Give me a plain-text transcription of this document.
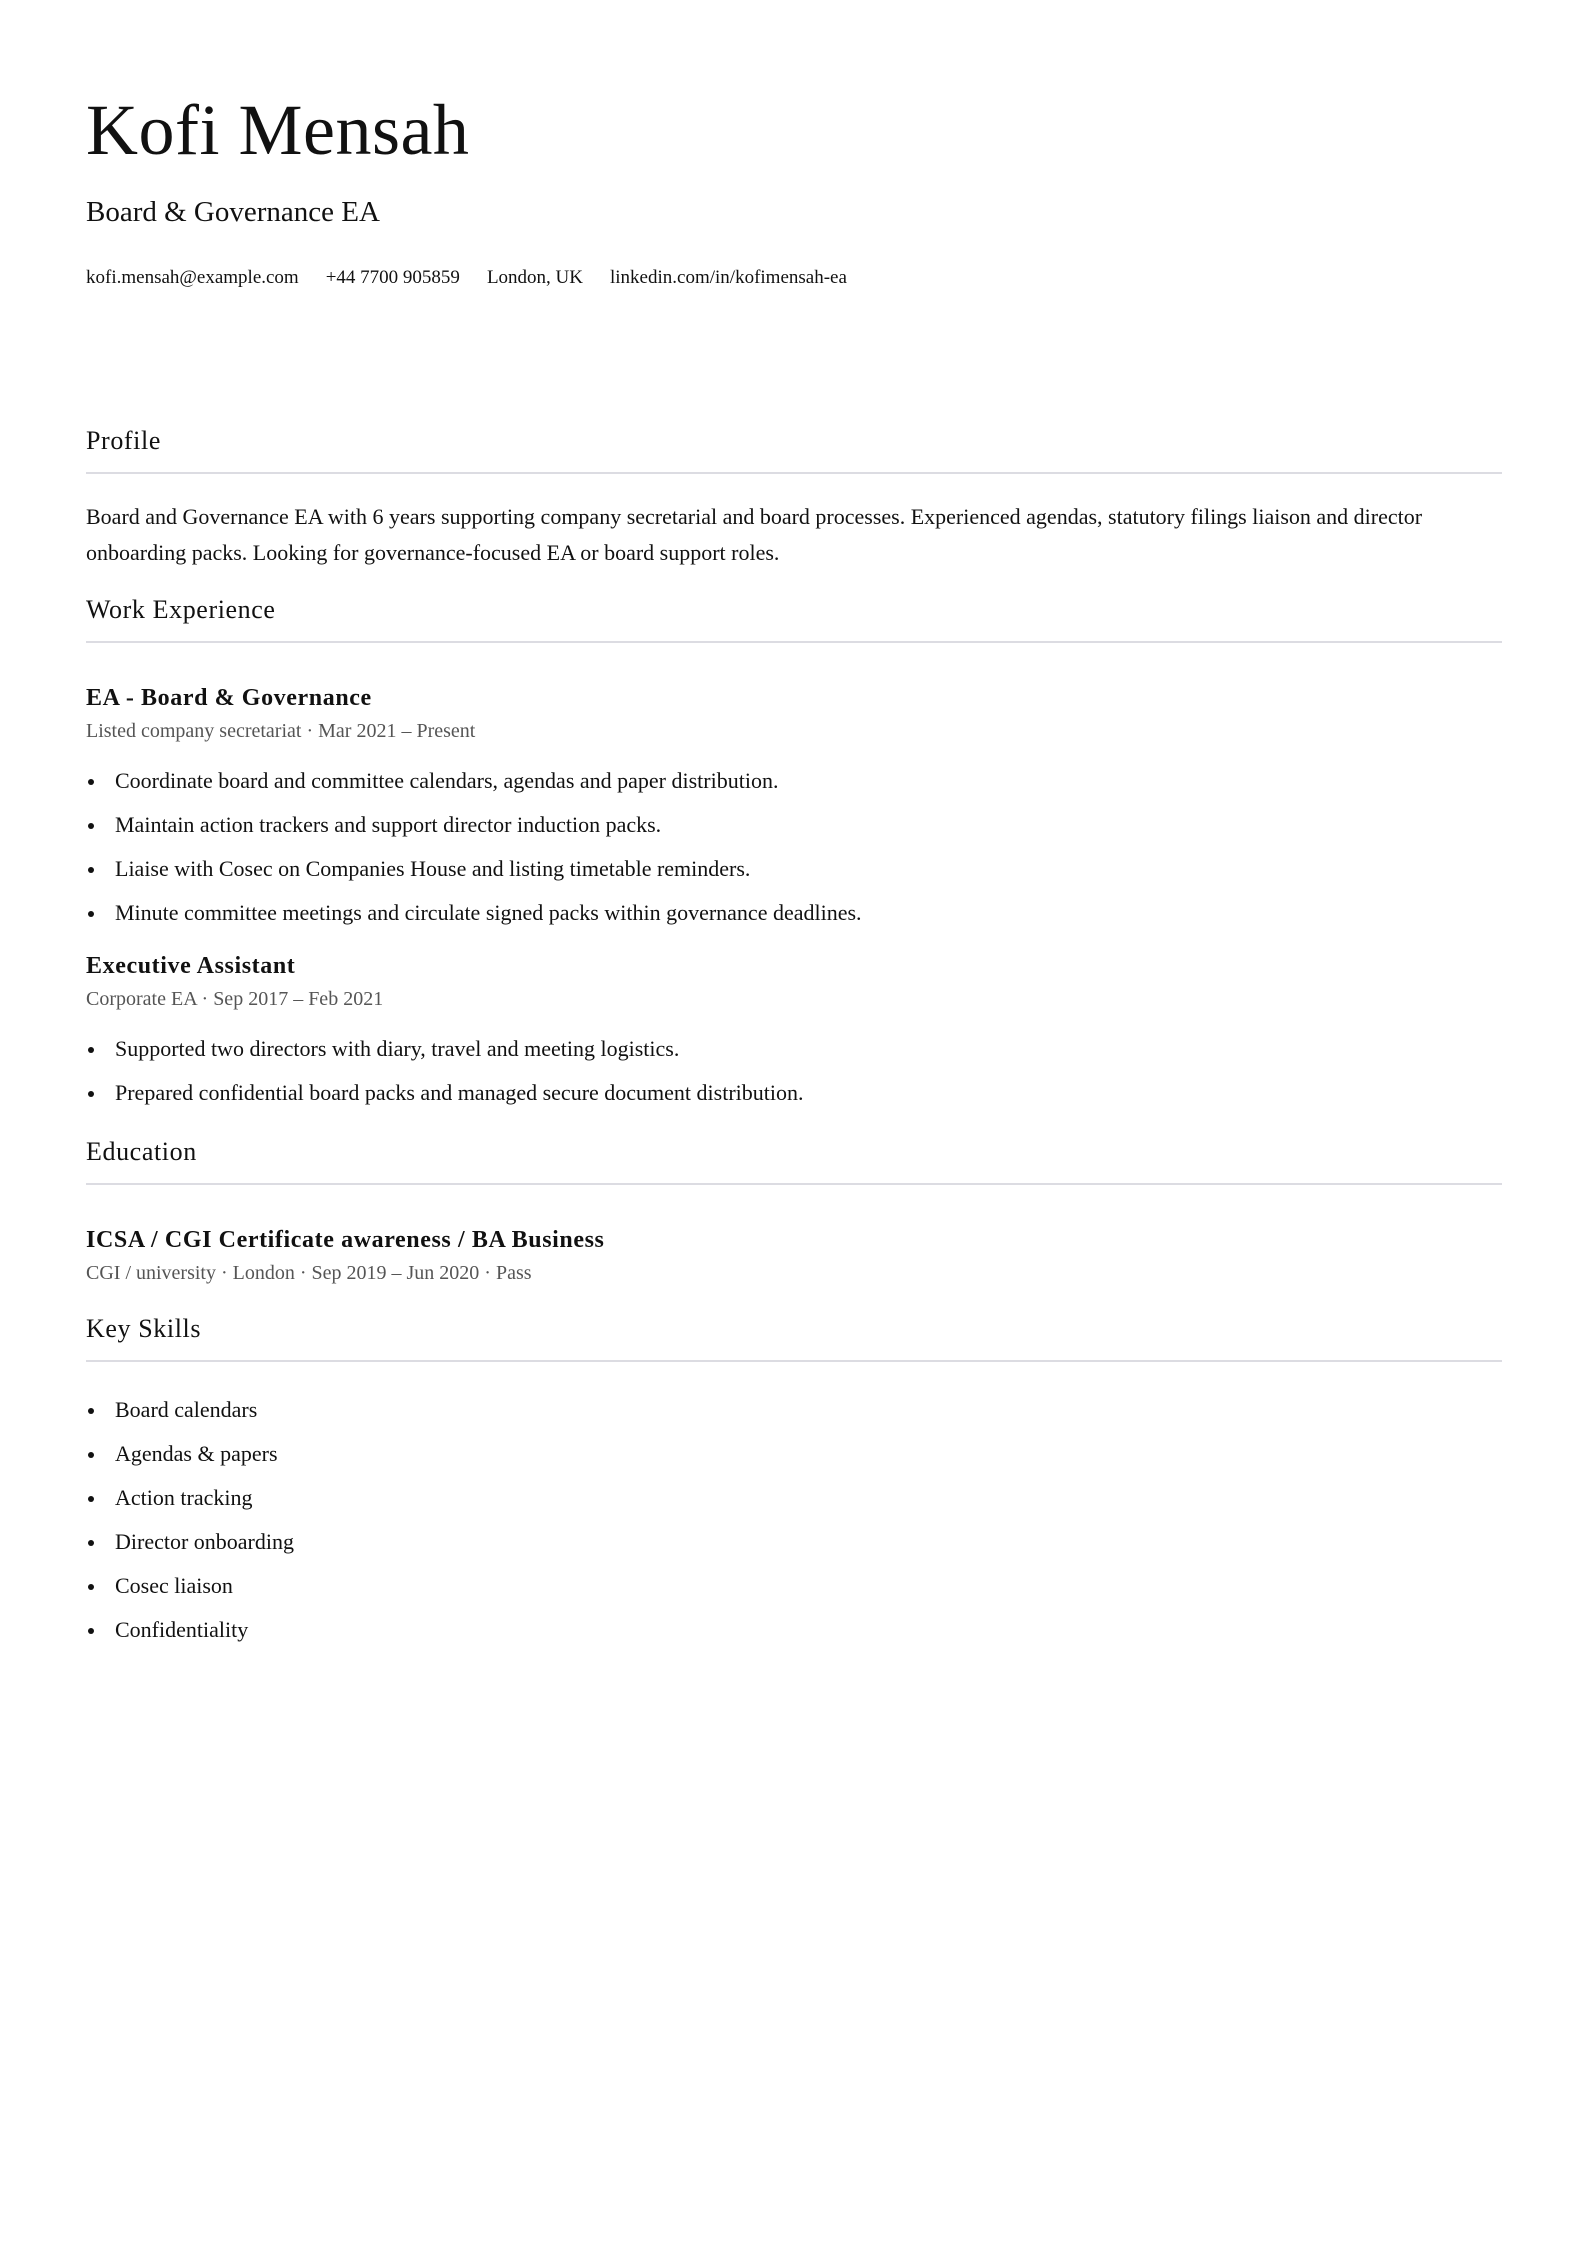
Kofi Mensah
Board & Governance EA
kofi.mensah@example.com +44 7700 905859 London, UK linkedin.com/in/kofimensah-ea
Profile

Board and Governance EA with 6 years supporting company secretarial and board processes. Experienced agendas, statutory filings liaison and director onboarding packs. Looking for governance-focused EA or board support roles.

Work Experience
EA - Board & Governance
Listed company secretariat · Mar 2021 – Present
Coordinate board and committee calendars, agendas and paper distribution.
Maintain action trackers and support director induction packs.
Liaise with Cosec on Companies House and listing timetable reminders.
Minute committee meetings and circulate signed packs within governance deadlines.
Executive Assistant
Corporate EA · Sep 2017 – Feb 2021
Supported two directors with diary, travel and meeting logistics.
Prepared confidential board packs and managed secure document distribution.
Education
ICSA / CGI Certificate awareness / BA Business
CGI / university · London · Sep 2019 – Jun 2020 · Pass
Key Skills
Board calendars
Agendas & papers
Action tracking
Director onboarding
Cosec liaison
Confidentiality
